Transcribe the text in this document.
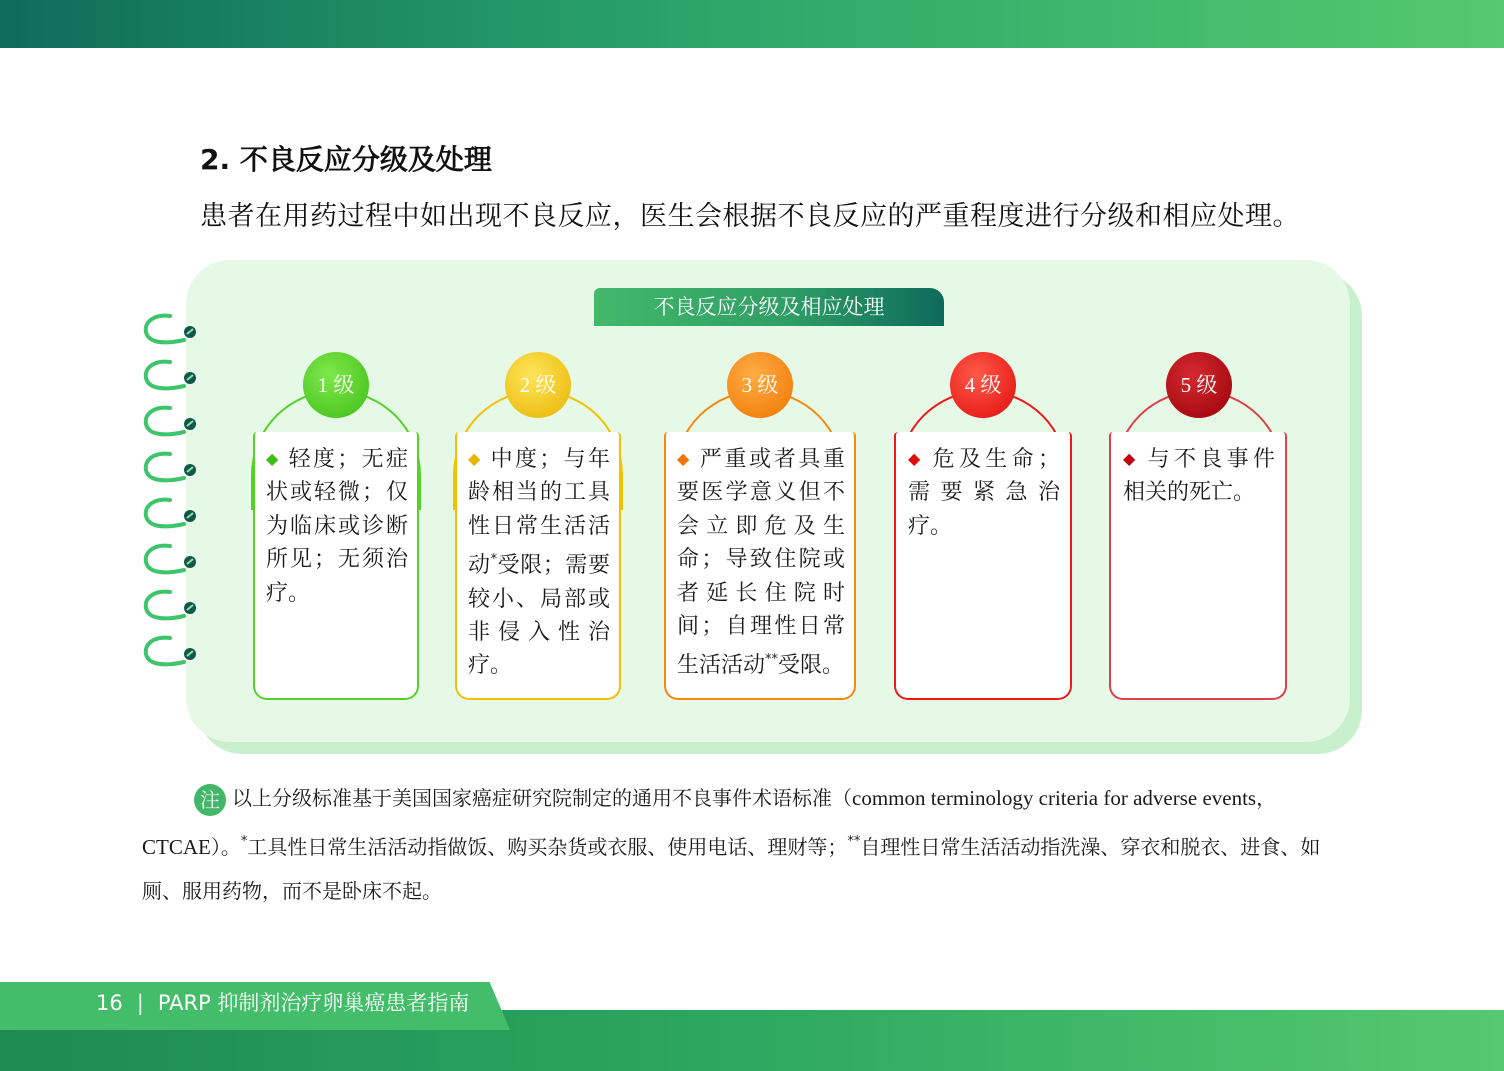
2. 不良反应分级及处理
患者在用药过程中如出现不良反应，医生会根据不良反应的严重程度进行分级和相应处理。
不良反应分级及相应处理
1 级
◆ 轻度；无症状或轻微；仅为临床或诊断所见；无须治疗。
2 级
◆ 中度；与年龄相当的工具性日常生活活动*受限；需要较小、局部或非侵入性治疗。
3 级
◆ 严重或者具重要医学意义但不会立即危及生命；导致住院或者延长住院时间；自理性日常生活活动**受限。
4 级
◆ 危及生命；需要紧急治疗。
5 级
◆ 与不良事件相关的死亡。
注 以上分级标准基于美国国家癌症研究院制定的通用不良事件术语标准（common terminology criteria for adverse events，CTCAE）。*工具性日常生活活动指做饭、购买杂货或衣服、使用电话、理财等；**自理性日常生活活动指洗澡、穿衣和脱衣、进食、如厕、服用药物，而不是卧床不起。
16 | PARP 抑制剂治疗卵巢癌患者指南
